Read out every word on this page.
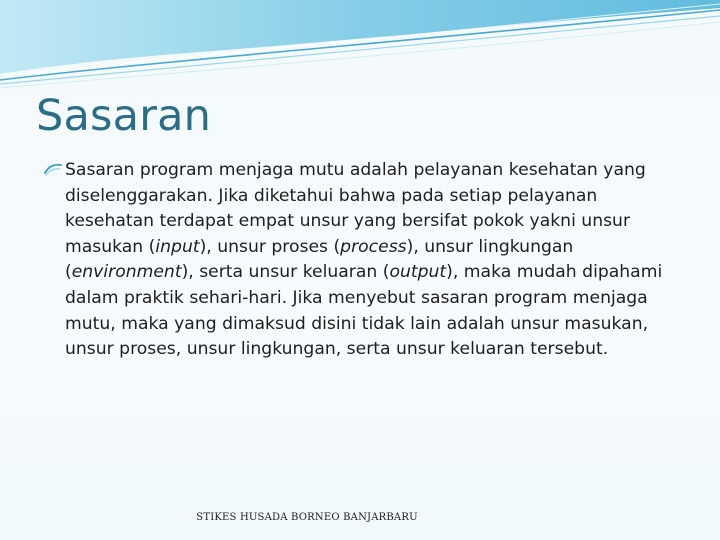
Sasaran

Sasaran program menjaga mutu adalah pelayanan kesehatan yang diselenggarakan. Jika diketahui bahwa pada setiap pelayanan kesehatan terdapat empat unsur yang bersifat pokok yakni unsur masukan (input), unsur proses (process), unsur lingkungan (environment), serta unsur keluaran (output), maka mudah dipahami dalam praktik sehari-hari. Jika menyebut sasaran program menjaga mutu, maka yang dimaksud disini tidak lain adalah unsur masukan, unsur proses, unsur lingkungan, serta unsur keluaran tersebut.

STIKES HUSADA BORNEO BANJARBARU
